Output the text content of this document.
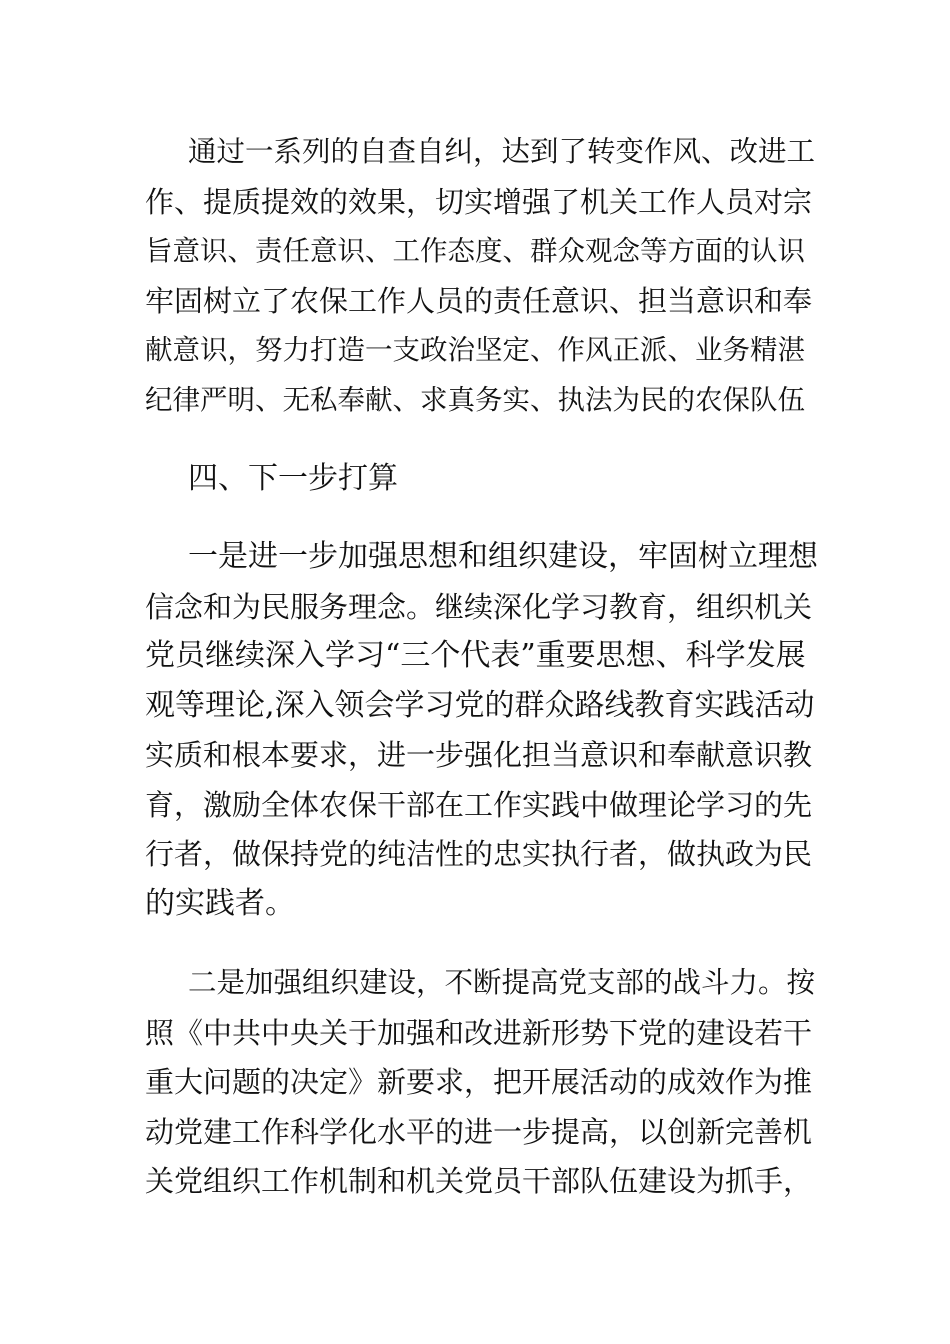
通过一系列的自查自纠，达到了转变作风、改进工
作、提质提效的效果，切实增强了机关工作人员对宗
旨意识、责任意识、工作态度、群众观念等方面的认识
牢固树立了农保工作人员的责任意识、担当意识和奉
献意识，努力打造一支政治坚定、作风正派、业务精湛
纪律严明、无私奉献、求真务实、执法为民的农保队伍
四、下一步打算
一是进一步加强思想和组织建设，牢固树立理想
信念和为民服务理念。继续深化学习教育，组织机关
党员继续深入学习“三个代表”重要思想、科学发展
观等理论,深入领会学习党的群众路线教育实践活动
实质和根本要求，进一步强化担当意识和奉献意识教
育，激励全体农保干部在工作实践中做理论学习的先
行者，做保持党的纯洁性的忠实执行者，做执政为民
的实践者。
二是加强组织建设，不断提高党支部的战斗力。按
照《中共中央关于加强和改进新形势下党的建设若干
重大问题的决定》新要求，把开展活动的成效作为推
动党建工作科学化水平的进一步提高，以创新完善机
关党组织工作机制和机关党员干部队伍建设为抓手，
